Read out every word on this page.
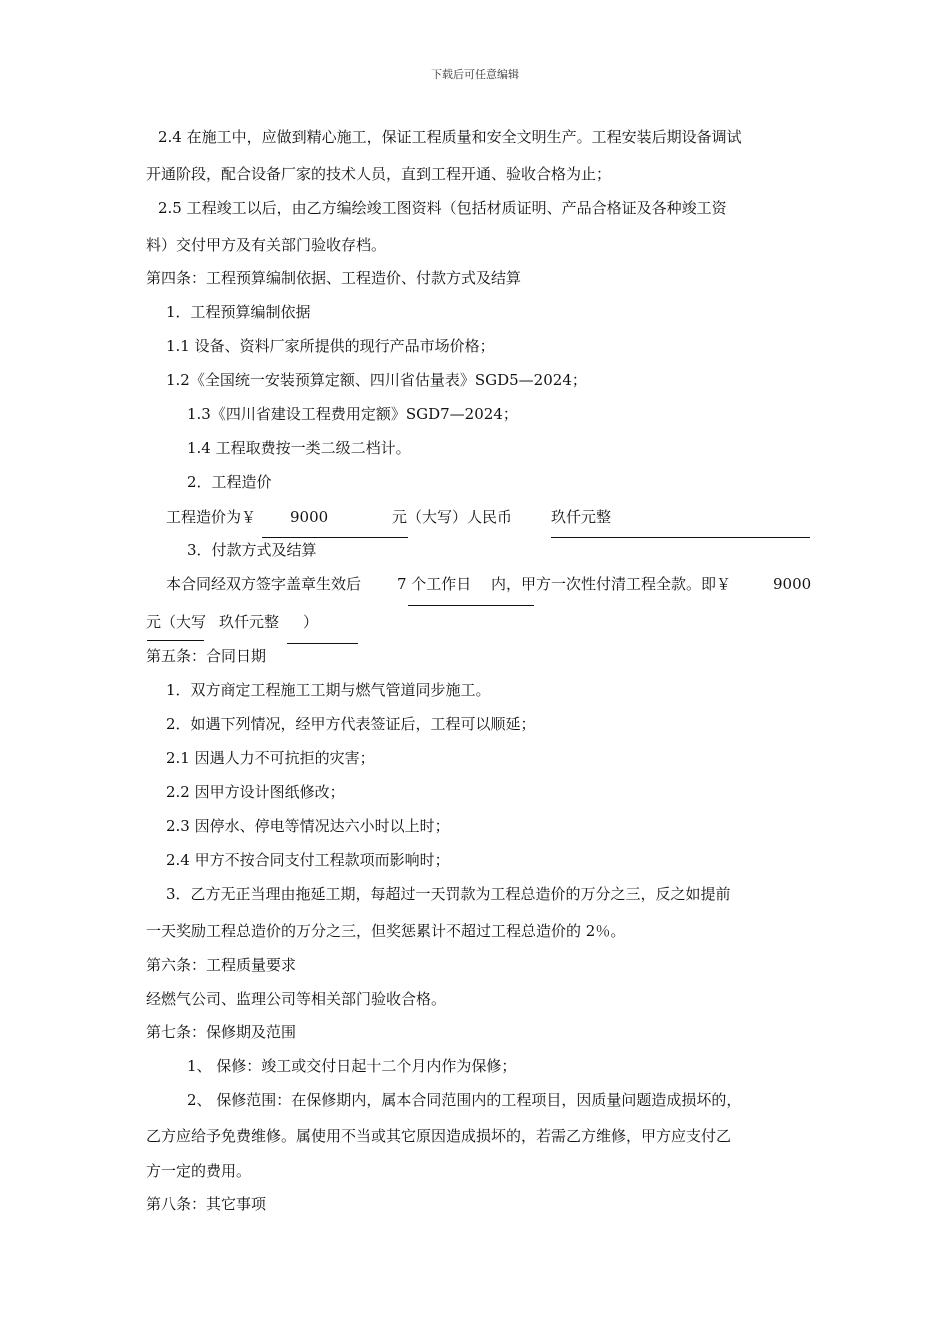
下载后可任意编辑
2.4 在施工中，应做到精心施工，保证工程质量和安全文明生产。工程安装后期设备调试
开通阶段，配合设备厂家的技术人员，直到工程开通、验收合格为止；
2.5 工程竣工以后，由乙方编绘竣工图资料（包括材质证明、产品合格证及各种竣工资
料）交付甲方及有关部门验收存档。
第四条：工程预算编制依据、工程造价、付款方式及结算
1．工程预算编制依据
1.1 设备、资料厂家所提供的现行产品市场价格；
1.2《全国统一安装预算定额、四川省估量表》SGD5—2024；
1.3《四川省建设工程费用定额》SGD7—2024；
1.4 工程取费按一类二级二档计。
2．工程造价
工程造价为￥ 9000	元（大写）人民币	玖仟元整
3．付款方式及结算
本合同经双方签字盖章生效后 7 个工作日 内，甲方一次性付清工程全款。即￥	9000
元（大写 玖仟元整 ）
第五条：合同日期
1．双方商定工程施工工期与燃气管道同步施工。
2．如遇下列情况，经甲方代表签证后，工程可以顺延；
2.1 因遇人力不可抗拒的灾害；
2.2 因甲方设计图纸修改；
2.3 因停水、停电等情况达六小时以上时；
2.4 甲方不按合同支付工程款项而影响时；
3．乙方无正当理由拖延工期，每超过一天罚款为工程总造价的万分之三，反之如提前
一天奖励工程总造价的万分之三，但奖惩累计不超过工程总造价的 2％。
第六条：工程质量要求
经燃气公司、监理公司等相关部门验收合格。
第七条：保修期及范围
1、 保修：竣工或交付日起十二个月内作为保修；
2、 保修范围：在保修期内，属本合同范围内的工程项目，因质量问题造成损坏的，
乙方应给予免费维修。属使用不当或其它原因造成损坏的，若需乙方维修，甲方应支付乙
方一定的费用。
第八条：其它事项
